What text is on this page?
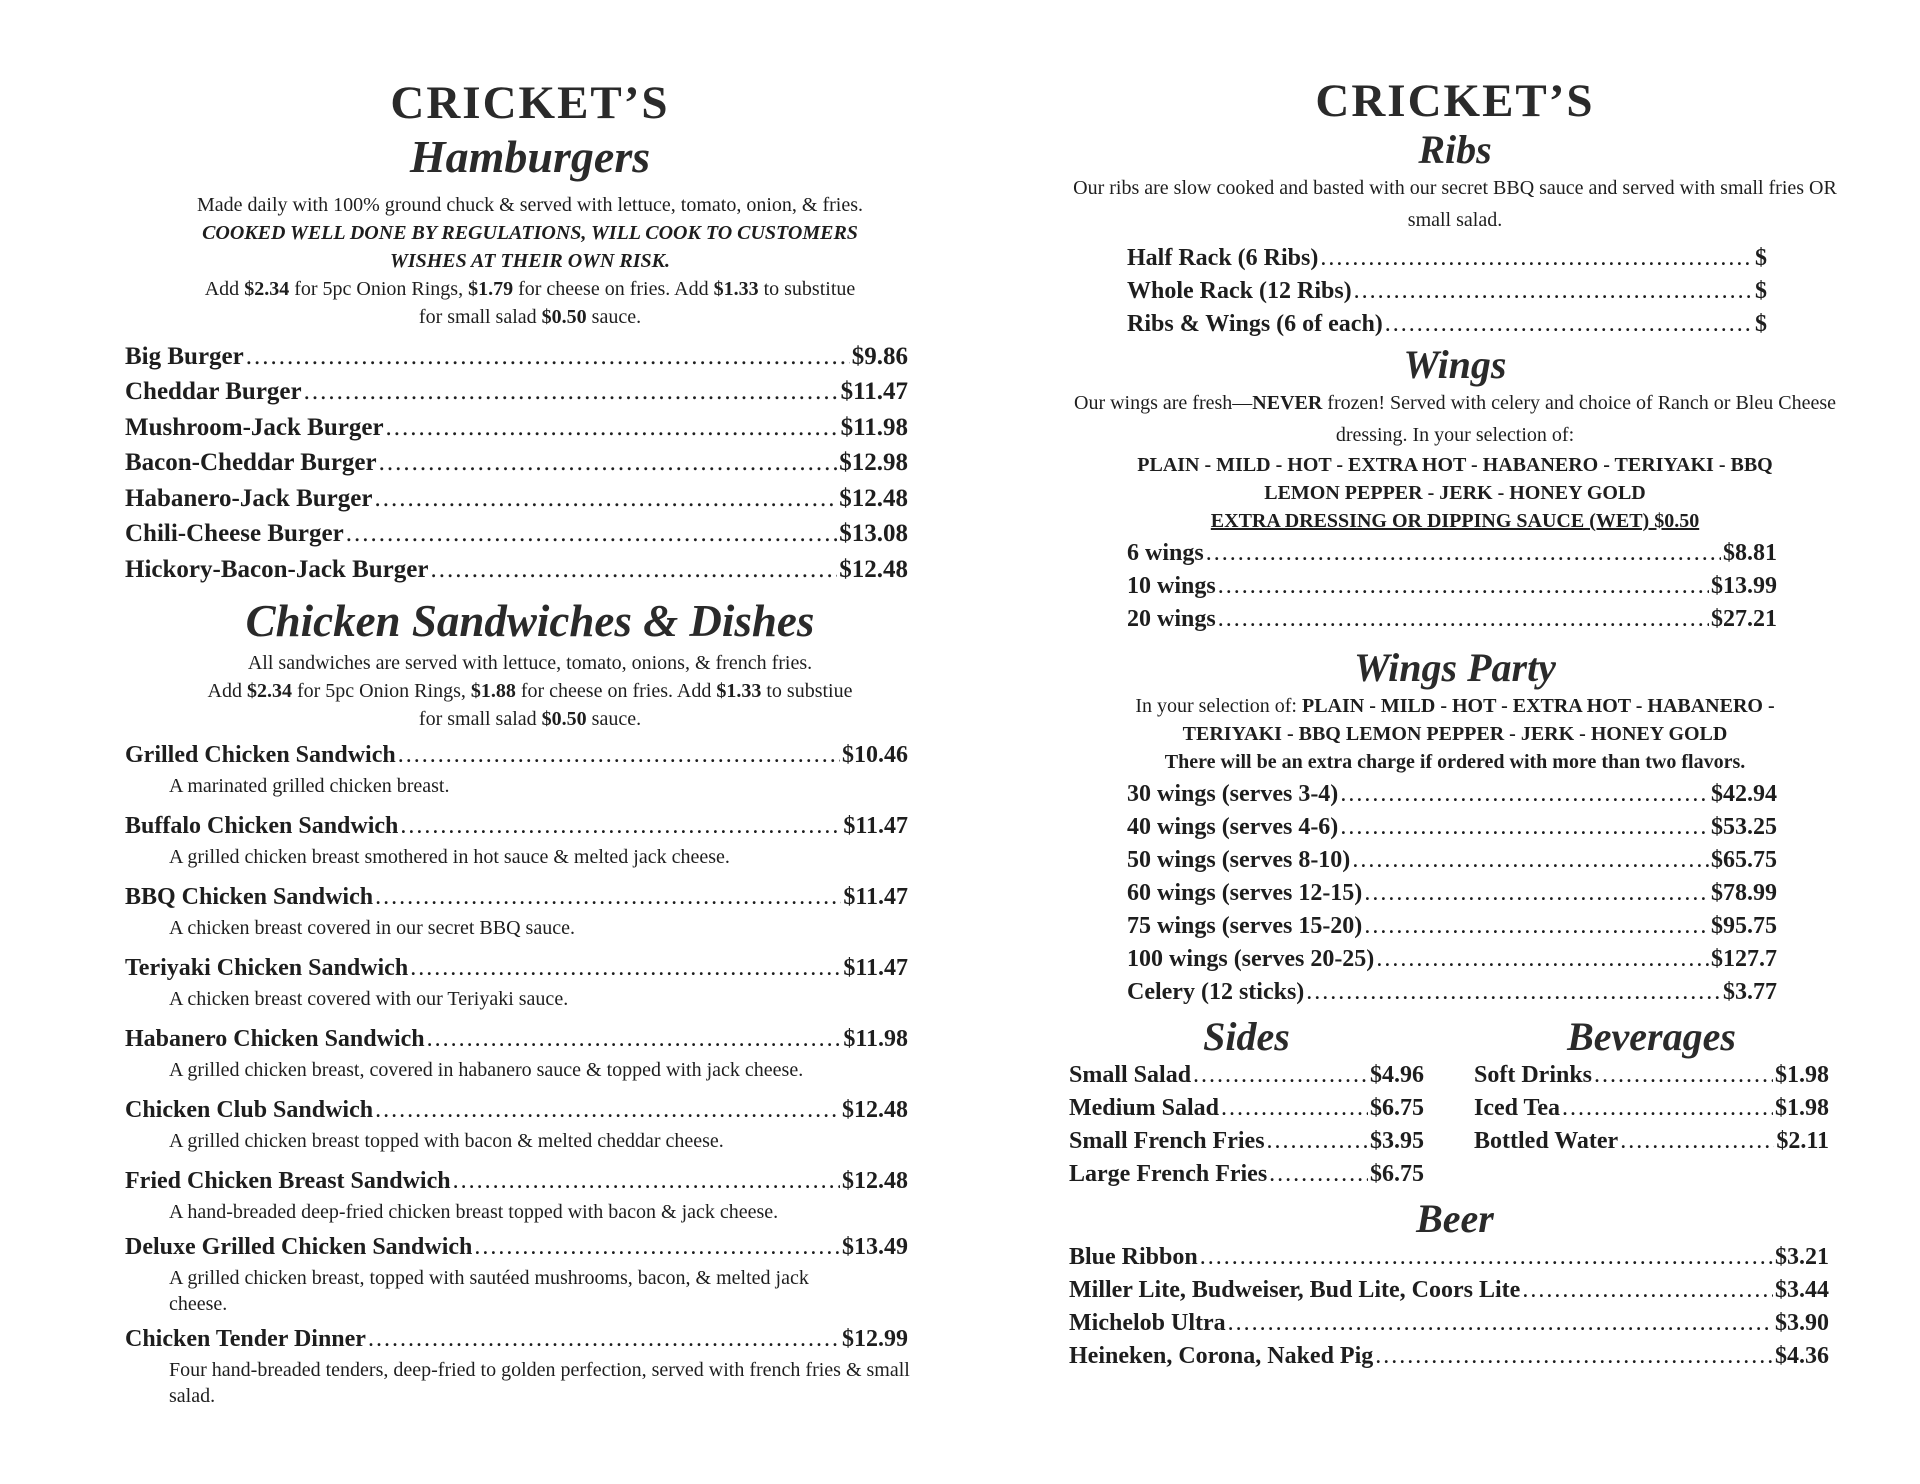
CRICKET’S
Hamburgers
Made daily with 100% ground chuck & served with lettuce, tomato, onion, & fries.
COOKED WELL DONE BY REGULATIONS, WILL COOK TO CUSTOMERS
WISHES AT THEIR OWN RISK.
Add $2.34 for 5pc Onion Rings, $1.79 for cheese on fries. Add $1.33 to substitue
for small salad $0.50 sauce.
Big Burger .....	$9.86
Cheddar Burger .....	$11.47
Mushroom-Jack Burger .....	$11.98
Bacon-Cheddar Burger .....	$12.98
Habanero-Jack Burger .....	$12.48
Chili-Cheese Burger .....	$13.08
Hickory-Bacon-Jack Burger .....	$12.48
Chicken Sandwiches & Dishes
All sandwiches are served with lettuce, tomato, onions, & french fries.
Add $2.34 for 5pc Onion Rings, $1.88 for cheese on fries. Add $1.33 to substiue
for small salad $0.50 sauce.
Grilled Chicken Sandwich .....	$10.46
A marinated grilled chicken breast.
Buffalo Chicken Sandwich .....	$11.47
A grilled chicken breast smothered in hot sauce & melted jack cheese.
BBQ Chicken Sandwich .....	$11.47
A chicken breast covered in our secret BBQ sauce.
Teriyaki Chicken Sandwich .....	$11.47
A chicken breast covered with our Teriyaki sauce.
Habanero Chicken Sandwich .....	$11.98
A grilled chicken breast, covered in habanero sauce & topped with jack cheese.
Chicken Club Sandwich .....	$12.48
A grilled chicken breast topped with bacon & melted cheddar cheese.
Fried Chicken Breast Sandwich .....	$12.48
A hand-breaded deep-fried chicken breast topped with bacon & jack cheese.
Deluxe Grilled Chicken Sandwich .....	$13.49
A grilled chicken breast, topped with sautéed mushrooms, bacon, & melted jack cheese.
Chicken Tender Dinner .....	$12.99
Four hand-breaded tenders, deep-fried to golden perfection, served with french fries & small salad.
CRICKET’S
Ribs
Our ribs are slow cooked and basted with our secret BBQ sauce and served with small fries OR small salad.
Half Rack (6 Ribs) .....	$
Whole Rack (12 Ribs) .....	$
Ribs & Wings (6 of each) .....	$
Wings
Our wings are fresh—NEVER frozen! Served with celery and choice of Ranch or Bleu Cheese dressing. In your selection of:
PLAIN - MILD - HOT - EXTRA HOT - HABANERO - TERIYAKI - BBQ
LEMON PEPPER - JERK - HONEY GOLD
EXTRA DRESSING OR DIPPING SAUCE (WET) $0.50
6 wings .....	$8.81
10 wings .....	$13.99
20 wings .....	$27.21
Wings Party
In your selection of: PLAIN - MILD - HOT - EXTRA HOT - HABANERO -
TERIYAKI - BBQ LEMON PEPPER - JERK - HONEY GOLD
There will be an extra charge if ordered with more than two flavors.
30 wings (serves 3-4) .....	$42.94
40 wings (serves 4-6) .....	$53.25
50 wings (serves 8-10) .....	$65.75
60 wings (serves 12-15) .....	$78.99
75 wings (serves 15-20) .....	$95.75
100 wings (serves 20-25) .....	$127.7
Celery (12 sticks) .....	$3.77
Sides
Small Salad .....	$4.96
Medium Salad .....	$6.75
Small French Fries .....	$3.95
Large French Fries .....	$6.75
Beverages
Soft Drinks .....	$1.98
Iced Tea .....	$1.98
Bottled Water .....	$2.11
Beer
Blue Ribbon .....	$3.21
Miller Lite, Budweiser, Bud Lite, Coors Lite .....	$3.44
Michelob Ultra .....	$3.90
Heineken, Corona, Naked Pig .....	$4.36
